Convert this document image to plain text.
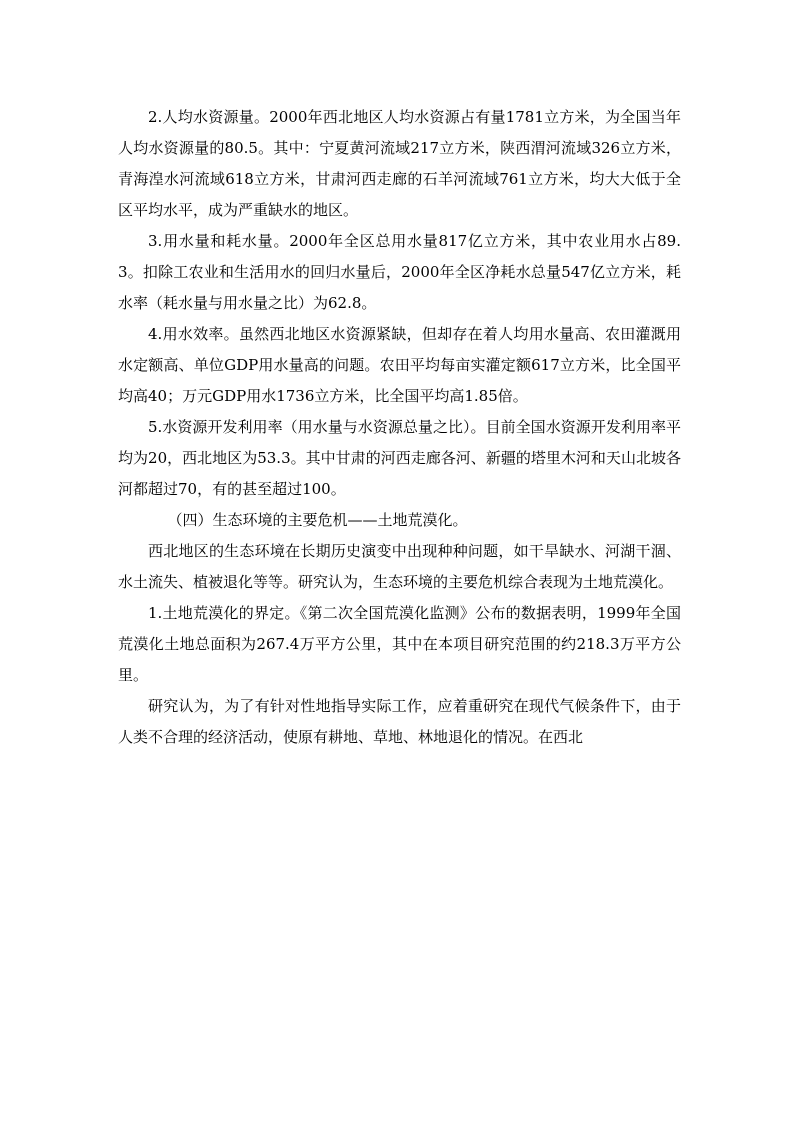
2.人均水资源量。2000年西北地区人均水资源占有量1781立方米，为全国当年人均水资源量的80.5。其中：宁夏黄河流域217立方米，陕西渭河流域326立方米，青海湟水河流域618立方米，甘肃河西走廊的石羊河流域761立方米，均大大低于全区平均水平，成为严重缺水的地区。

3.用水量和耗水量。2000年全区总用水量817亿立方米，其中农业用水占89.3。扣除工农业和生活用水的回归水量后，2000年全区净耗水总量547亿立方米，耗水率（耗水量与用水量之比）为62.8。

4.用水效率。虽然西北地区水资源紧缺，但却存在着人均用水量高、农田灌溉用水定额高、单位GDP用水量高的问题。农田平均每亩实灌定额617立方米，比全国平均高40；万元GDP用水1736立方米，比全国平均高1.85倍。

5.水资源开发利用率（用水量与水资源总量之比）。目前全国水资源开发利用率平均为20，西北地区为53.3。其中甘肃的河西走廊各河、新疆的塔里木河和天山北坡各河都超过70，有的甚至超过100。

（四）生态环境的主要危机——土地荒漠化。

西北地区的生态环境在长期历史演变中出现种种问题，如干旱缺水、河湖干涸、水土流失、植被退化等等。研究认为，生态环境的主要危机综合表现为土地荒漠化。

1.土地荒漠化的界定。《第二次全国荒漠化监测》公布的数据表明，1999年全国荒漠化土地总面积为267.4万平方公里，其中在本项目研究范围的约218.3万平方公里。

研究认为，为了有针对性地指导实际工作，应着重研究在现代气候条件下，由于人类不合理的经济活动，使原有耕地、草地、林地退化的情况。在西北
